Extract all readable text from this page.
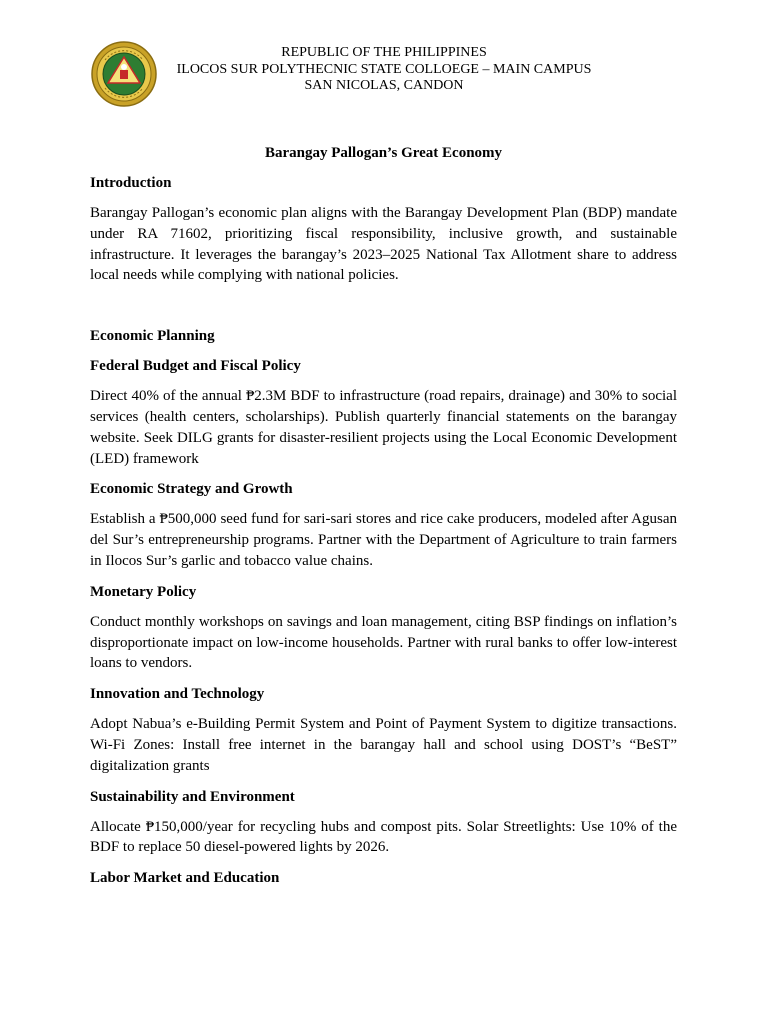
REPUBLIC OF THE PHILIPPINES
ILOCOS SUR POLYTHECNIC STATE COLLOEGE – MAIN CAMPUS
SAN NICOLAS, CANDON
Barangay Pallogan’s Great Economy
Introduction
Barangay Pallogan’s economic plan aligns with the Barangay Development Plan (BDP) mandate under RA 71602, prioritizing fiscal responsibility, inclusive growth, and sustainable infrastructure. It leverages the barangay’s 2023–2025 National Tax Allotment share to address local needs while complying with national policies.
Economic Planning
Federal Budget and Fiscal Policy
Direct 40% of the annual ₱2.3M BDF to infrastructure (road repairs, drainage) and 30% to social services (health centers, scholarships). Publish quarterly financial statements on the barangay website. Seek DILG grants for disaster-resilient projects using the Local Economic Development (LED) framework
Economic Strategy and Growth
Establish a ₱500,000 seed fund for sari-sari stores and rice cake producers, modeled after Agusan del Sur’s entrepreneurship programs. Partner with the Department of Agriculture to train farmers in Ilocos Sur’s garlic and tobacco value chains.
Monetary Policy
Conduct monthly workshops on savings and loan management, citing BSP findings on inflation’s disproportionate impact on low-income households. Partner with rural banks to offer low-interest loans to vendors.
Innovation and Technology
Adopt Nabua’s e-Building Permit System and Point of Payment System to digitize transactions. Wi-Fi Zones: Install free internet in the barangay hall and school using DOST’s “BeST” digitalization grants
Sustainability and Environment
Allocate ₱150,000/year for recycling hubs and compost pits. Solar Streetlights: Use 10% of the BDF to replace 50 diesel-powered lights by 2026.
Labor Market and Education
